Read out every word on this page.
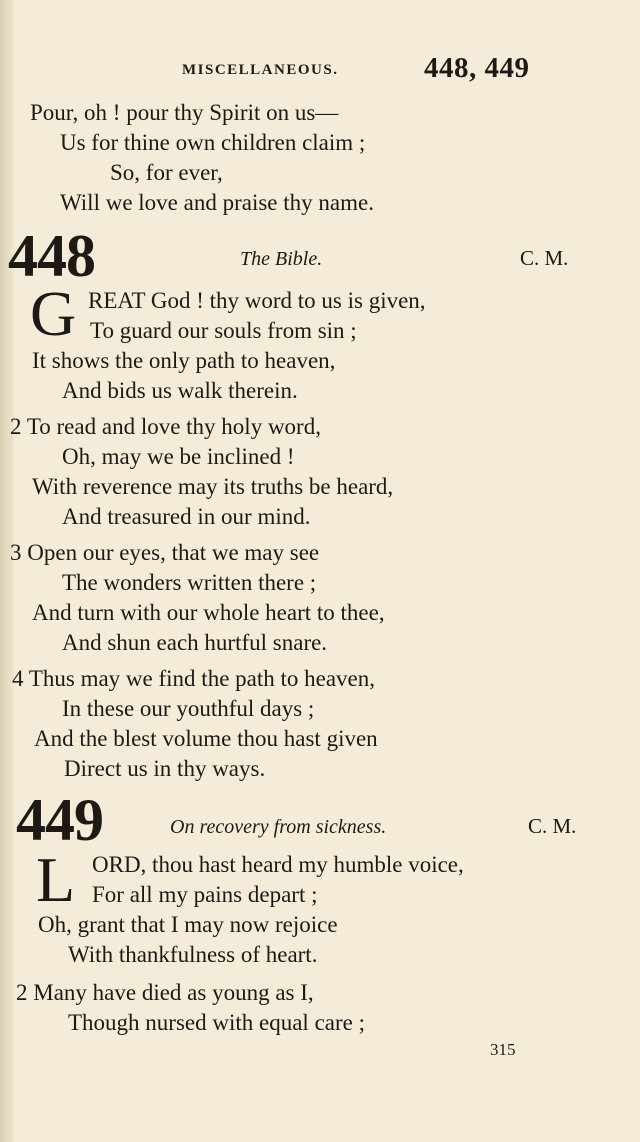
MISCELLANEOUS.	448, 449
Pour, oh ! pour thy Spirit on us—
Us for thine own children claim ;
So, for ever,
Will we love and praise thy name.
448	The Bible.	C. M.
G REAT God ! thy word to us is given,
To guard our souls from sin ;
It shows the only path to heaven,
And bids us walk therein.
2 To read and love thy holy word,
Oh, may we be inclined !
With reverence may its truths be heard,
And treasured in our mind.
3 Open our eyes, that we may see
The wonders written there ;
And turn with our whole heart to thee,
And shun each hurtful snare.
4 Thus may we find the path to heaven,
In these our youthful days ;
And the blest volume thou hast given
Direct us in thy ways.
449	On recovery from sickness.	C. M.
L ORD, thou hast heard my humble voice,
For all my pains depart ;
Oh, grant that I may now rejoice
With thankfulness of heart.
2 Many have died as young as I,
Though nursed with equal care ;
315
